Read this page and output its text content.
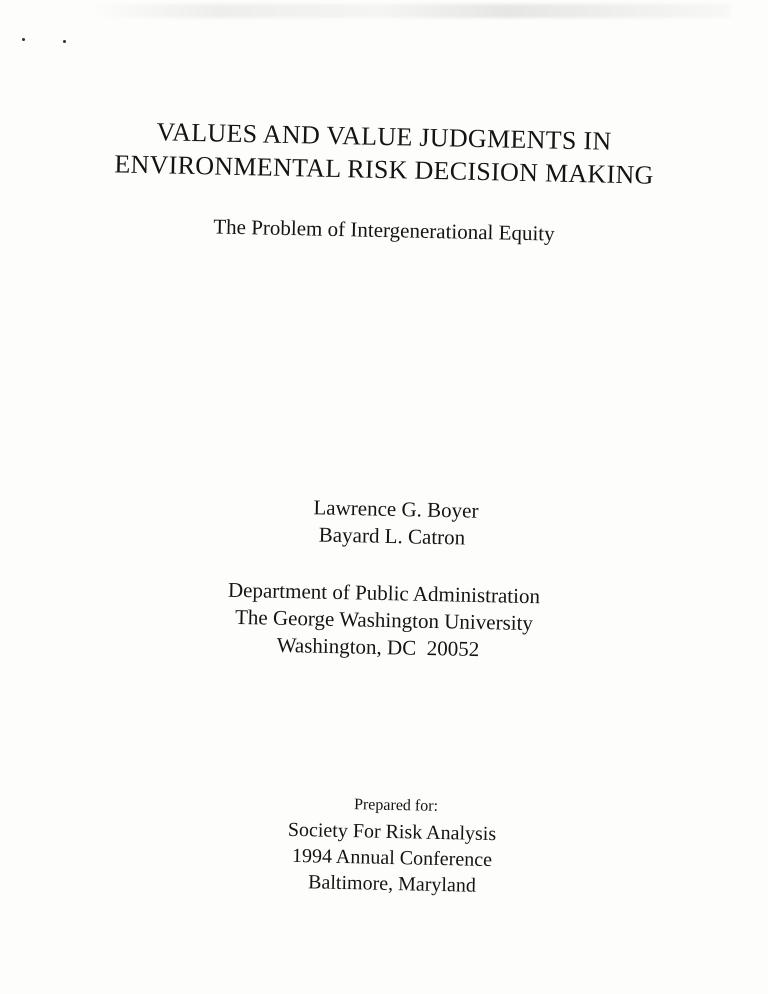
VALUES AND VALUE JUDGMENTS IN
ENVIRONMENTAL RISK DECISION MAKING
The Problem of Intergenerational Equity
Lawrence G. Boyer
Bayard L. Catron
Department of Public Administration
The George Washington University
Washington, DC  20052
Prepared for:
Society For Risk Analysis
1994 Annual Conference
Baltimore, Maryland
